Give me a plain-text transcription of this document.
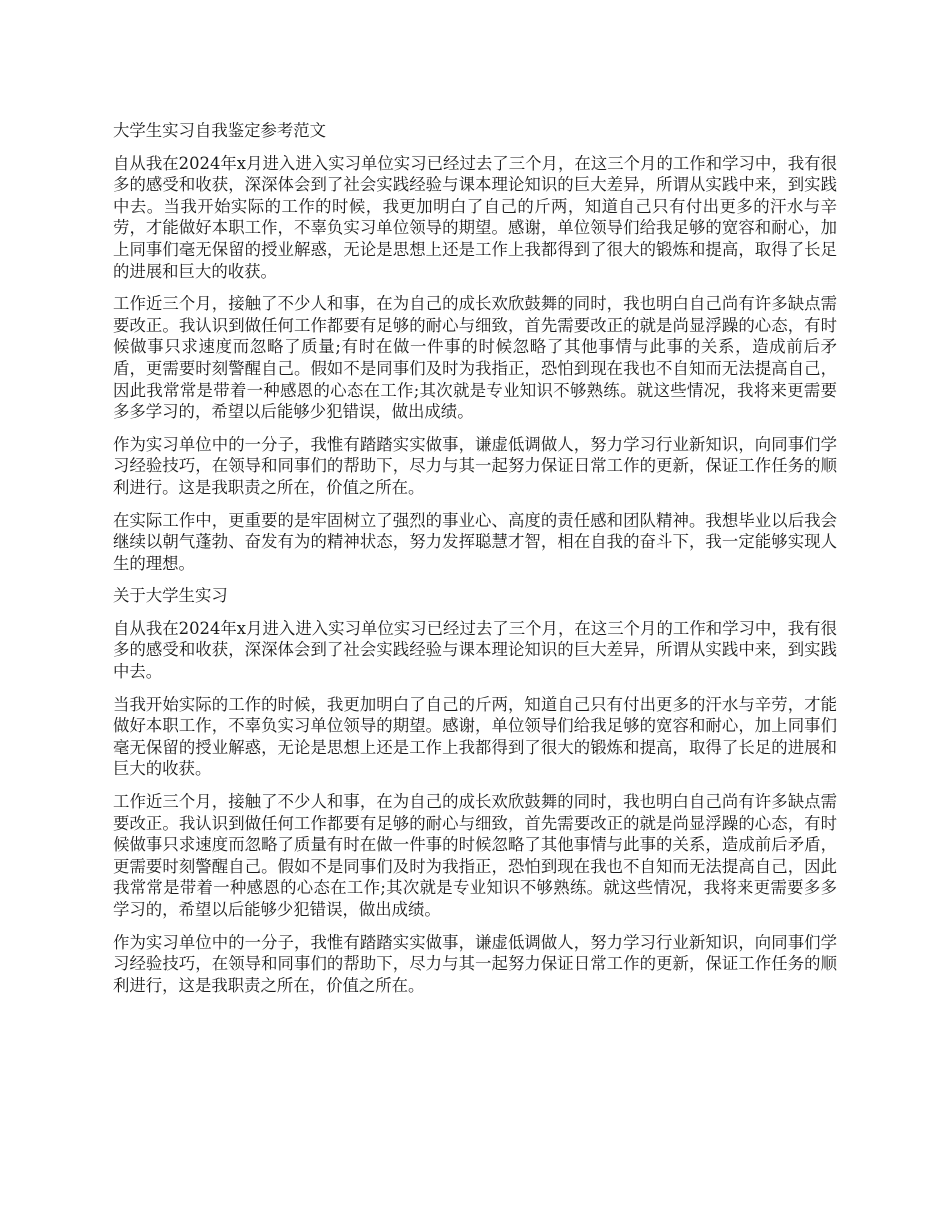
大学生实习自我鉴定参考范文

自从我在2024年x月进入进入实习单位实习已经过去了三个月，在这三个月的工作和学习中，我有很多的感受和收获，深深体会到了社会实践经验与课本理论知识的巨大差异，所谓从实践中来，到实践中去。当我开始实际的工作的时候，我更加明白了自己的斤两，知道自己只有付出更多的汗水与辛劳，才能做好本职工作，不辜负实习单位领导的期望。感谢，单位领导们给我足够的宽容和耐心，加上同事们毫无保留的授业解惑，无论是思想上还是工作上我都得到了很大的锻炼和提高，取得了长足的进展和巨大的收获。

工作近三个月，接触了不少人和事，在为自己的成长欢欣鼓舞的同时，我也明白自己尚有许多缺点需要改正。我认识到做任何工作都要有足够的耐心与细致，首先需要改正的就是尚显浮躁的心态，有时候做事只求速度而忽略了质量;有时在做一件事的时候忽略了其他事情与此事的关系，造成前后矛盾，更需要时刻警醒自己。假如不是同事们及时为我指正，恐怕到现在我也不自知而无法提高自己，因此我常常是带着一种感恩的心态在工作;其次就是专业知识不够熟练。就这些情况，我将来更需要多多学习的，希望以后能够少犯错误，做出成绩。

作为实习单位中的一分子，我惟有踏踏实实做事，谦虚低调做人，努力学习行业新知识，向同事们学习经验技巧，在领导和同事们的帮助下，尽力与其一起努力保证日常工作的更新，保证工作任务的顺利进行。这是我职责之所在，价值之所在。

在实际工作中，更重要的是牢固树立了强烈的事业心、高度的责任感和团队精神。我想毕业以后我会继续以朝气蓬勃、奋发有为的精神状态，努力发挥聪慧才智，相在自我的奋斗下，我一定能够实现人生的理想。

关于大学生实习

自从我在2024年x月进入进入实习单位实习已经过去了三个月，在这三个月的工作和学习中，我有很多的感受和收获，深深体会到了社会实践经验与课本理论知识的巨大差异，所谓从实践中来，到实践中去。

当我开始实际的工作的时候，我更加明白了自己的斤两，知道自己只有付出更多的汗水与辛劳，才能做好本职工作，不辜负实习单位领导的期望。感谢，单位领导们给我足够的宽容和耐心，加上同事们毫无保留的授业解惑，无论是思想上还是工作上我都得到了很大的锻炼和提高，取得了长足的进展和巨大的收获。

工作近三个月，接触了不少人和事，在为自己的成长欢欣鼓舞的同时，我也明白自己尚有许多缺点需要改正。我认识到做任何工作都要有足够的耐心与细致，首先需要改正的就是尚显浮躁的心态，有时候做事只求速度而忽略了质量有时在做一件事的时候忽略了其他事情与此事的关系，造成前后矛盾，更需要时刻警醒自己。假如不是同事们及时为我指正，恐怕到现在我也不自知而无法提高自己，因此我常常是带着一种感恩的心态在工作;其次就是专业知识不够熟练。就这些情况，我将来更需要多多学习的，希望以后能够少犯错误，做出成绩。

作为实习单位中的一分子，我惟有踏踏实实做事，谦虚低调做人，努力学习行业新知识，向同事们学习经验技巧，在领导和同事们的帮助下，尽力与其一起努力保证日常工作的更新，保证工作任务的顺利进行，这是我职责之所在，价值之所在。
